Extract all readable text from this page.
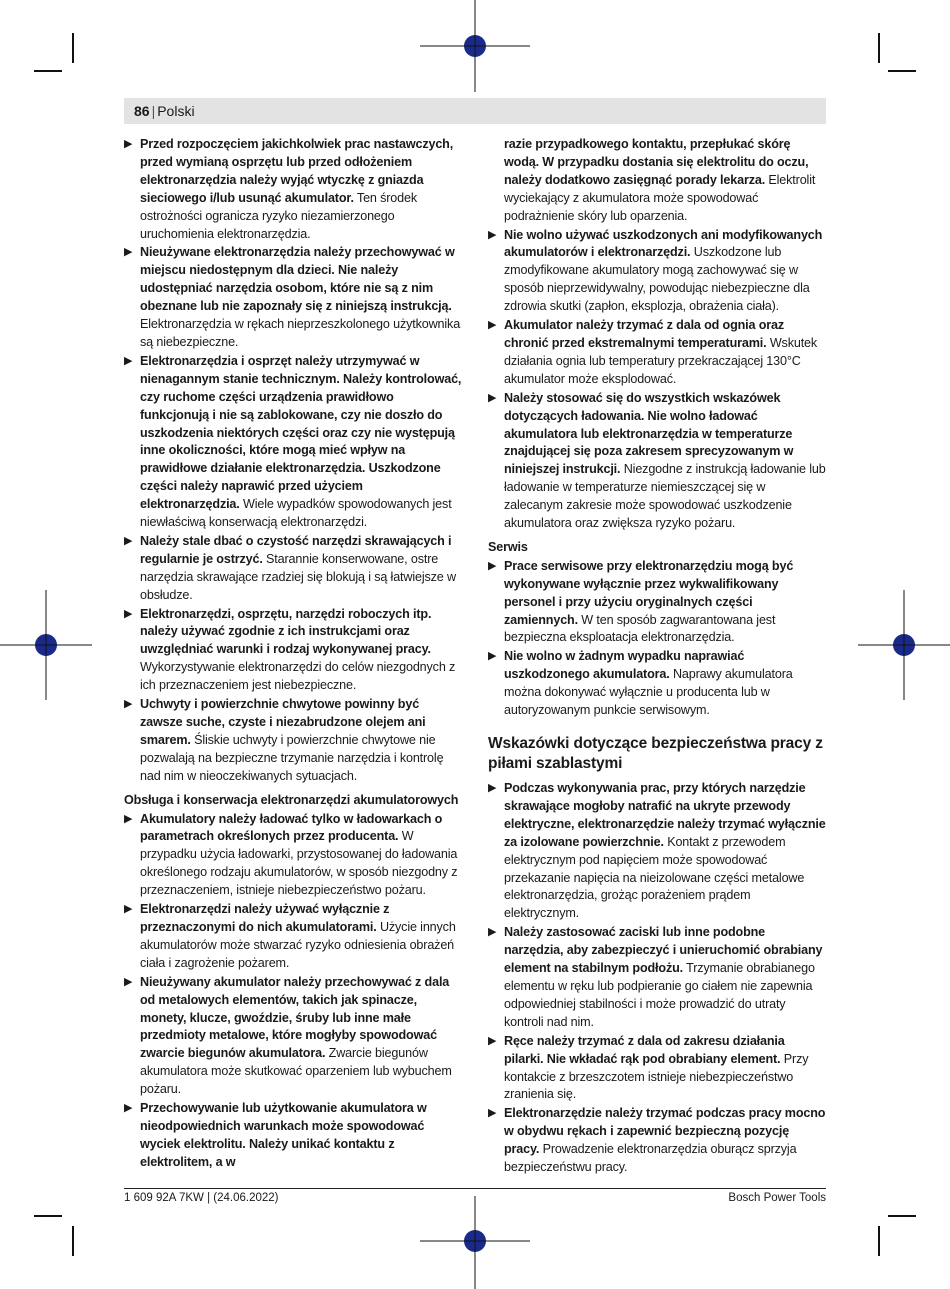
86 | Polski
▶ Przed rozpoczęciem jakichkolwiek prac nastawczych, przed wymianą osprzętu lub przed odłożeniem elektronarzędzia należy wyjąć wtyczkę z gniazda sieciowego i/lub usunąć akumulator. Ten środek ostrożności ogranicza ryzyko niezamierzonego uruchomienia elektronarzędzia.
▶ Nieużywane elektronarzędzia należy przechowywać w miejscu niedostępnym dla dzieci. Nie należy udostępniać narzędzia osobom, które nie są z nim obeznane lub nie zapoznały się z niniejszą instrukcją. Elektronarzędzia w rękach nieprzeszkolonego użytkownika są niebezpieczne.
▶ Elektronarzędzia i osprzęt należy utrzymywać w nienagannym stanie technicznym. Należy kontrolować, czy ruchome części urządzenia prawidłowo funkcjonują i nie są zablokowane, czy nie doszło do uszkodzenia niektórych części oraz czy nie występują inne okoliczności, które mogą mieć wpływ na prawidłowe działanie elektronarzędzia. Uszkodzone części należy naprawić przed użyciem elektronarzędzia. Wiele wypadków spowodowanych jest niewłaściwą konserwacją elektronarzędzi.
▶ Należy stale dbać o czystość narzędzi skrawających i regularnie je ostrzyć. Starannie konserwowane, ostre narzędzia skrawające rzadziej się blokują i są łatwiejsze w obsłudze.
▶ Elektronarzędzi, osprzętu, narzędzi roboczych itp. należy używać zgodnie z ich instrukcjami oraz uwzględniać warunki i rodzaj wykonywanej pracy. Wykorzystywanie elektronarzędzi do celów niezgodnych z ich przeznaczeniem jest niebezpieczne.
▶ Uchwyty i powierzchnie chwytowe powinny być zawsze suche, czyste i niezabrudzone olejem ani smarem. Śliskie uchwyty i powierzchnie chwytowe nie pozwalają na bezpieczne trzymanie narzędzia i kontrolę nad nim w nieoczekiwanych sytuacjach.
Obsługa i konserwacja elektronarzędzi akumulatorowych
▶ Akumulatory należy ładować tylko w ładowarkach o parametrach określonych przez producenta. W przypadku użycia ładowarki, przystosowanej do ładowania określonego rodzaju akumulatorów, w sposób niezgodny z przeznaczeniem, istnieje niebezpieczeństwo pożaru.
▶ Elektronarzędzi należy używać wyłącznie z przeznaczonymi do nich akumulatorami. Użycie innych akumulatorów może stwarzać ryzyko odniesienia obrażeń ciała i zagrożenie pożarem.
▶ Nieużywany akumulator należy przechowywać z dala od metalowych elementów, takich jak spinacze, monety, klucze, gwoździe, śruby lub inne małe przedmioty metalowe, które mogłyby spowodować zwarcie biegunów akumulatora. Zwarcie biegunów akumulatora może skutkować oparzeniem lub wybuchem pożaru.
▶ Przechowywanie lub użytkowanie akumulatora w nieodpowiednich warunkach może spowodować wyciek elektrolitu. Należy unikać kontaktu z elektrolitem, a w
razie przypadkowego kontaktu, przepłukać skórę wodą. W przypadku dostania się elektrolitu do oczu, należy dodatkowo zasięgnąć porady lekarza. Elektrolit wyciekający z akumulatora może spowodować podrażnienie skóry lub oparzenia.
▶ Nie wolno używać uszkodzonych ani modyfikowanych akumulatorów i elektronarzędzi. Uszkodzone lub zmodyfikowane akumulatory mogą zachowywać się w sposób nieprzewidywalny, powodując niebezpieczne dla zdrowia skutki (zapłon, eksplozja, obrażenia ciała).
▶ Akumulator należy trzymać z dala od ognia oraz chronić przed ekstremalnymi temperaturami. Wskutek działania ognia lub temperatury przekraczającej 130°C akumulator może eksplodować.
▶ Należy stosować się do wszystkich wskazówek dotyczących ładowania. Nie wolno ładować akumulatora lub elektronarzędzia w temperaturze znajdującej się poza zakresem sprecyzowanym w niniejszej instrukcji. Niezgodne z instrukcją ładowanie lub ładowanie w temperaturze niemieszczącej się w zalecanym zakresie może spowodować uszkodzenie akumulatora oraz zwiększa ryzyko pożaru.
Serwis
▶ Prace serwisowe przy elektronarzędziu mogą być wykonywane wyłącznie przez wykwalifikowany personel i przy użyciu oryginalnych części zamiennych. W ten sposób zagwarantowana jest bezpieczna eksploatacja elektronarzędzia.
▶ Nie wolno w żadnym wypadku naprawiać uszkodzonego akumulatora. Naprawy akumulatora można dokonywać wyłącznie u producenta lub w autoryzowanym punkcie serwisowym.
Wskazówki dotyczące bezpieczeństwa pracy z piłami szablastymi
▶ Podczas wykonywania prac, przy których narzędzie skrawające mogłoby natrafić na ukryte przewody elektryczne, elektronarzędzie należy trzymać wyłącznie za izolowane powierzchnie. Kontakt z przewodem elektrycznym pod napięciem może spowodować przekazanie napięcia na nieizolowane części metalowe elektronarzędzia, grożąc porażeniem prądem elektrycznym.
▶ Należy zastosować zaciski lub inne podobne narzędzia, aby zabezpieczyć i unieruchomić obrabiany element na stabilnym podłożu. Trzymanie obrabianego elementu w ręku lub podpieranie go ciałem nie zapewnia odpowiedniej stabilności i może prowadzić do utraty kontroli nad nim.
▶ Ręce należy trzymać z dala od zakresu działania pilarki. Nie wkładać rąk pod obrabiany element. Przy kontakcie z brzeszczotem istnieje niebezpieczeństwo zranienia się.
▶ Elektronarzędzie należy trzymać podczas pracy mocno w obydwu rękach i zapewnić bezpieczną pozycję pracy. Prowadzenie elektronarzędzia oburącz sprzyja bezpieczeństwu pracy.
1 609 92A 7KW | (24.06.2022)	Bosch Power Tools
